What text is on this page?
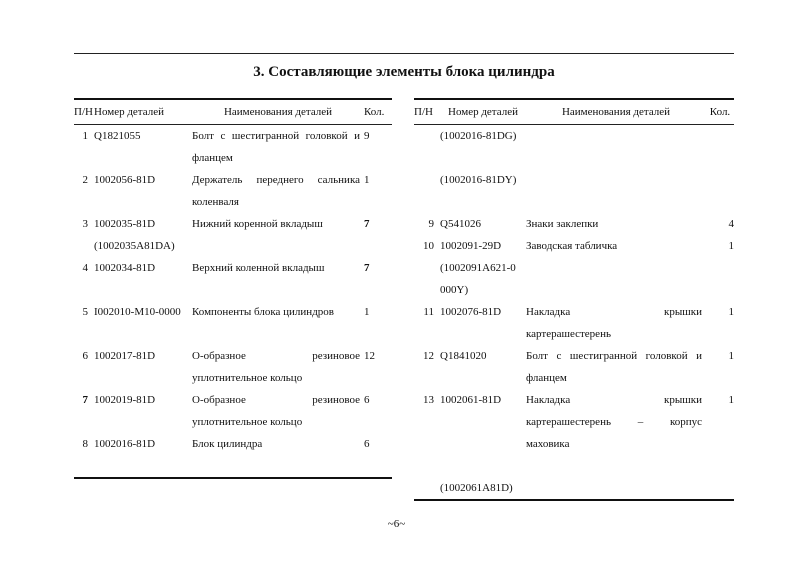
3. Составляющие элементы блока цилиндра
П/Н	Номер деталей	Наименования деталей	Кол.
1	Q1821055	Болт с шестигранной головкой и
фланцем	9
2	1002056-81D	Держатель переднего сальника
коленваля	1
3	1002035-81D
(1002035A81DA)	Нижний коренной вкладыш	7
4	1002034-81D	Верхний коленной вкладыш	7
5	I002010-M10-0000	Компоненты блока цилиндров	1
6	1002017-81D	О-образное резиновое
уплотнительное кольцо	12
7	1002019-81D	О-образное резиновое
уплотнительное кольцо	6
8	1002016-81D	Блок цилиндра	6
П/Н	Номер деталей	Наименования деталей	Кол.

	(1002016-81DG)		

	(1002016-81DY)		

9	Q541026	Знаки заклепки	4
10	1002091-29D
(1002091A621-0
000Y)	Заводская табличка	1
11	1002076-81D	Накладка крышки
картерашестерень	1
12	Q1841020	Болт с шестигранной головкой и
фланцем	1
13	1002061-81D	Накладка крышки
картерашестерень – корпус
маховика	1

	(1002061A81D)		

~6~
